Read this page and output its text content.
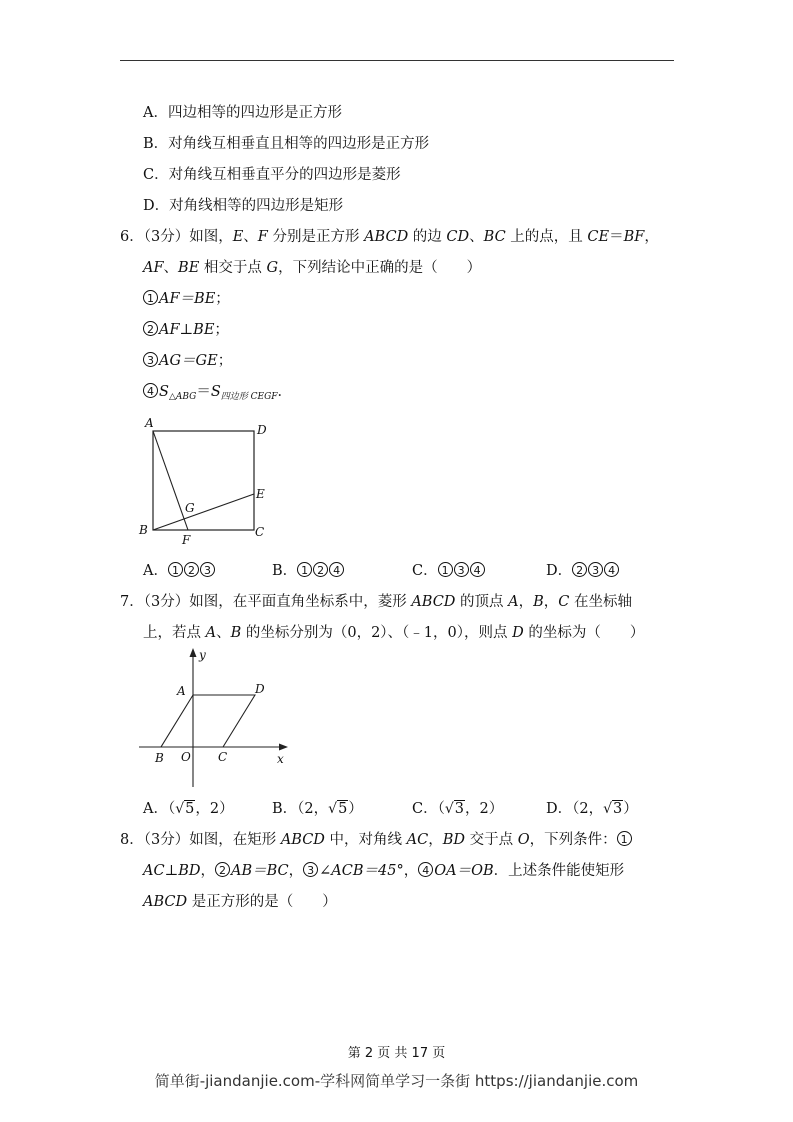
A．四边相等的四边形是正方形
B．对角线互相垂直且相等的四边形是正方形
C．对角线互相垂直平分的四边形是菱形
D．对角线相等的四边形是矩形
6．（3分）如图，E、F 分别是正方形 ABCD 的边 CD、BC 上的点，且 CE＝BF，
AF、BE 相交于点 G，下列结论中正确的是（　　）
1 AF＝BE；
2 AF⊥BE；
3 AG＝GE；
4 $S_{\triangle ABG}=S_{四边形 CEGF}$．
A	D
E
G
B
F
C
A． 1 2 3	B． 1 2 4	C． 1 3 4	D． 2 3 4
7．（3分）如图，在平面直角坐标系中，菱形 ABCD 的顶点 A，B，C 在坐标轴
上，若点 A、B 的坐标分别为（0，2）、（﹣1，0），则点 D 的坐标为（　　）
y
A	D
B O C	x
A．（√5，2）	B．（2，√5）	C．（√3，2）	D．（2，√3）
8．（3分）如图，在矩形 ABCD 中，对角线 AC，BD 交于点 O，下列条件： 1
AC⊥BD， 2 AB＝BC， 3 ∠ACB＝45°， 4 OA＝OB．上述条件能使矩形
ABCD 是正方形的是（　　）
第 2 页 共 17 页
简单街-jiandanjie.com-学科网简单学习一条街 https://jiandanjie.com
